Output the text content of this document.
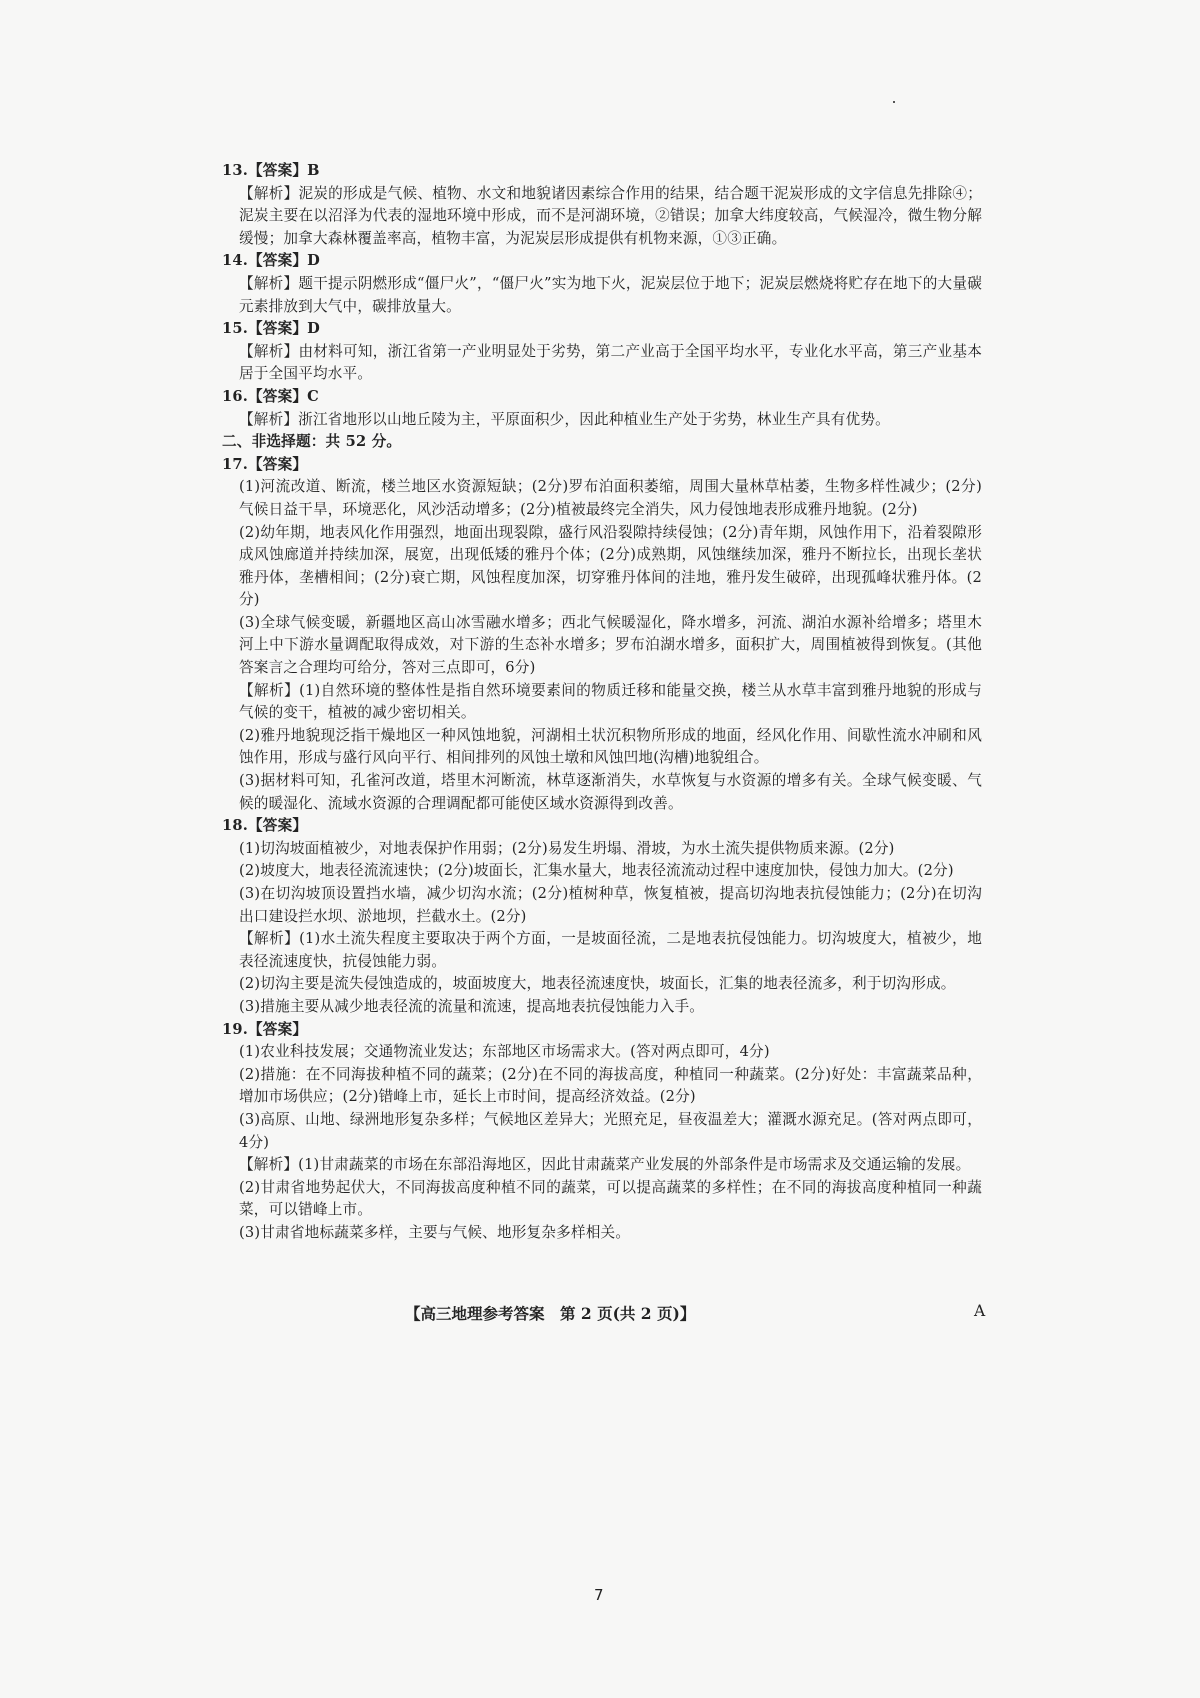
13.【答案】B

【解析】泥炭的形成是气候、植物、水文和地貌诸因素综合作用的结果，结合题干泥炭形成的文字信息先排除④；泥炭主要在以沼泽为代表的湿地环境中形成，而不是河湖环境，②错误；加拿大纬度较高，气候湿冷，微生物分解缓慢；加拿大森林覆盖率高，植物丰富，为泥炭层形成提供有机物来源，①③正确。

14.【答案】D

【解析】题干提示阴燃形成“僵尸火”，“僵尸火”实为地下火，泥炭层位于地下；泥炭层燃烧将贮存在地下的大量碳元素排放到大气中，碳排放量大。

15.【答案】D

【解析】由材料可知，浙江省第一产业明显处于劣势，第二产业高于全国平均水平，专业化水平高，第三产业基本居于全国平均水平。

16.【答案】C

【解析】浙江省地形以山地丘陵为主，平原面积少，因此种植业生产处于劣势，林业生产具有优势。

二、非选择题：共 52 分。

17.【答案】

(1)河流改道、断流，楼兰地区水资源短缺；(2分)罗布泊面积萎缩，周围大量林草枯萎，生物多样性减少；(2分)气候日益干旱，环境恶化，风沙活动增多；(2分)植被最终完全消失，风力侵蚀地表形成雅丹地貌。(2分)

(2)幼年期，地表风化作用强烈，地面出现裂隙，盛行风沿裂隙持续侵蚀；(2分)青年期，风蚀作用下，沿着裂隙形成风蚀廊道并持续加深，展宽，出现低矮的雅丹个体；(2分)成熟期，风蚀继续加深，雅丹不断拉长，出现长垄状雅丹体，垄槽相间；(2分)衰亡期，风蚀程度加深，切穿雅丹体间的洼地，雅丹发生破碎，出现孤峰状雅丹体。(2分)

(3)全球气候变暖，新疆地区高山冰雪融水增多；西北气候暖湿化，降水增多，河流、湖泊水源补给增多；塔里木河上中下游水量调配取得成效，对下游的生态补水增多；罗布泊湖水增多，面积扩大，周围植被得到恢复。(其他答案言之合理均可给分，答对三点即可，6分)

【解析】(1)自然环境的整体性是指自然环境要素间的物质迁移和能量交换，楼兰从水草丰富到雅丹地貌的形成与气候的变干，植被的减少密切相关。

(2)雅丹地貌现泛指干燥地区一种风蚀地貌，河湖相土状沉积物所形成的地面，经风化作用、间歇性流水冲刷和风蚀作用，形成与盛行风向平行、相间排列的风蚀土墩和风蚀凹地(沟槽)地貌组合。

(3)据材料可知，孔雀河改道，塔里木河断流，林草逐渐消失，水草恢复与水资源的增多有关。全球气候变暖、气候的暖湿化、流域水资源的合理调配都可能使区域水资源得到改善。

18.【答案】

(1)切沟坡面植被少，对地表保护作用弱；(2分)易发生坍塌、滑坡，为水土流失提供物质来源。(2分)

(2)坡度大，地表径流流速快；(2分)坡面长，汇集水量大，地表径流流动过程中速度加快，侵蚀力加大。(2分)

(3)在切沟坡顶设置挡水墙，减少切沟水流；(2分)植树种草，恢复植被，提高切沟地表抗侵蚀能力；(2分)在切沟出口建设拦水坝、淤地坝，拦截水土。(2分)

【解析】(1)水土流失程度主要取决于两个方面，一是坡面径流，二是地表抗侵蚀能力。切沟坡度大，植被少，地表径流速度快，抗侵蚀能力弱。

(2)切沟主要是流失侵蚀造成的，坡面坡度大，地表径流速度快，坡面长，汇集的地表径流多，利于切沟形成。

(3)措施主要从减少地表径流的流量和流速，提高地表抗侵蚀能力入手。

19.【答案】

(1)农业科技发展；交通物流业发达；东部地区市场需求大。(答对两点即可，4分)

(2)措施：在不同海拔种植不同的蔬菜；(2分)在不同的海拔高度，种植同一种蔬菜。(2分)好处：丰富蔬菜品种，增加市场供应；(2分)错峰上市，延长上市时间，提高经济效益。(2分)

(3)高原、山地、绿洲地形复杂多样；气候地区差异大；光照充足，昼夜温差大；灌溉水源充足。(答对两点即可，4分)

【解析】(1)甘肃蔬菜的市场在东部沿海地区，因此甘肃蔬菜产业发展的外部条件是市场需求及交通运输的发展。

(2)甘肃省地势起伏大，不同海拔高度种植不同的蔬菜，可以提高蔬菜的多样性；在不同的海拔高度种植同一种蔬菜，可以错峰上市。

(3)甘肃省地标蔬菜多样，主要与气候、地形复杂多样相关。

【高三地理参考答案　第 2 页(共 2 页)】	A
7
